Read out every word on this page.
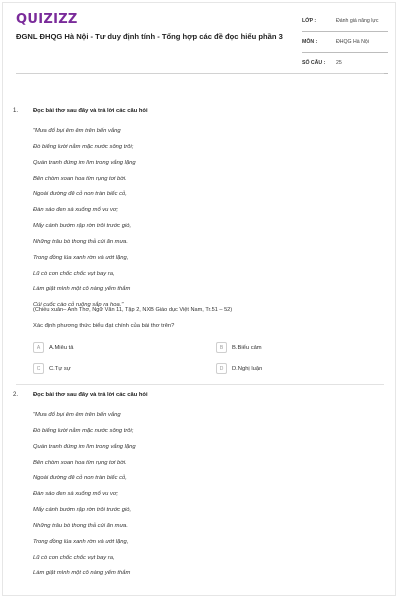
QUIZIZZ
ĐGNL ĐHQG Hà Nội - Tư duy định tính - Tổng hợp các đề đọc hiểu phần 3
LỚP :	Đánh giá năng lực
MÔN :	ĐHQG Hà Nội
SỐ CÂU :	25
1.	Đọc bài thơ sau đây và trả lời các câu hỏi
"Mưa đổ bụi êm êm trên bến vắng
Đò biếng lười nằm mặc nước sông trôi;
Quán tranh đứng im lìm trong vắng lặng
Bên chòm xoan hoa tím rụng tơi bời.
Ngoài đường đê cỏ non tràn biếc cỏ,
Đàn sáo đen sà xuống mổ vu vơ;
Mấy cánh bướm rập rờn trôi trước gió,
Những trâu bò thong thả cúi ăn mưa.
Trong đồng lúa xanh rờn và ướt lặng,
Lũ cò con chốc chốc vụt bay ra,
Làm giật mình một cô nàng yếm thắm
Cúi cuốc cào cỏ ruộng sắp ra hoa."
(Chiều xuân– Anh Thơ, Ngữ Văn 11, Tập 2, NXB Giáo dục Việt Nam, Tr.51 – 52)
Xác định phương thức biểu đạt chính của bài thơ trên?
A	A.Miêu tả	B	B.Biểu cảm
C	C.Tự sự	D	D.Nghị luận
2.	Đọc bài thơ sau đây và trả lời các câu hỏi
"Mưa đổ bụi êm êm trên bến vắng
Đò biếng lười nằm mặc nước sông trôi;
Quán tranh đứng im lìm trong vắng lặng
Bên chòm xoan hoa tím rụng tơi bời.
Ngoài đường đê cỏ non tràn biếc cỏ,
Đàn sáo đen sà xuống mổ vu vơ;
Mấy cánh bướm rập rờn trôi trước gió,
Những trâu bò thong thả cúi ăn mưa.
Trong đồng lúa xanh rờn và ướt lặng,
Lũ cò con chốc chốc vụt bay ra,
Làm giật mình một cô nàng yếm thắm
